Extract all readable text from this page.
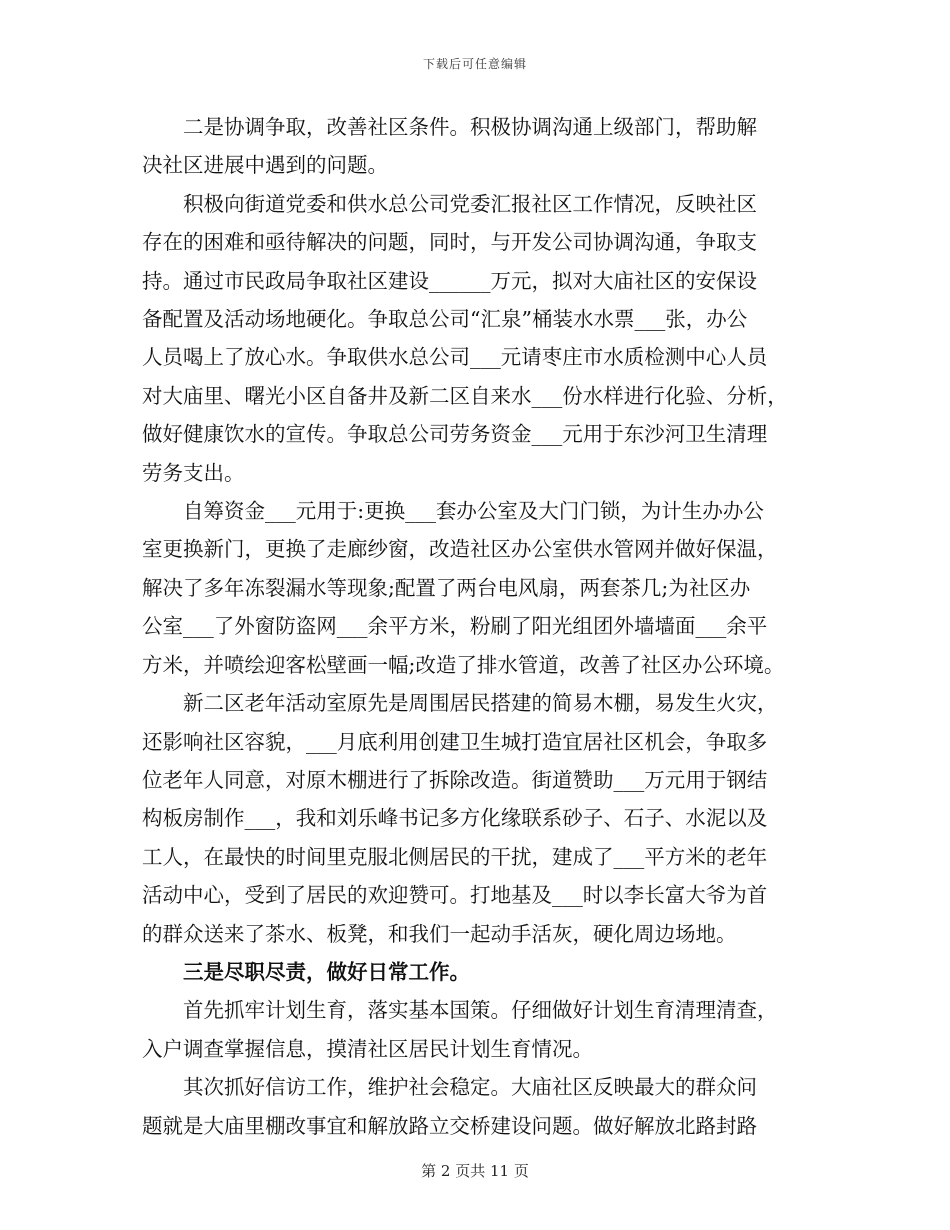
下载后可任意编辑

二是协调争取，改善社区条件。积极协调沟通上级部门，帮助解
决社区进展中遇到的问题。

积极向街道党委和供水总公司党委汇报社区工作情况，反映社区
存在的困难和亟待解决的问题，同时，与开发公司协调沟通，争取支
持。通过市民政局争取社区建设______万元，拟对大庙社区的安保设
备配置及活动场地硬化。争取总公司“汇泉”桶装水水票___张，办公
人员喝上了放心水。争取供水总公司___元请枣庄市水质检测中心人员
对大庙里、曙光小区自备井及新二区自来水___份水样进行化验、分析，
做好健康饮水的宣传。争取总公司劳务资金___元用于东沙河卫生清理
劳务支出。

自筹资金___元用于:更换___套办公室及大门门锁，为计生办办公
室更换新门，更换了走廊纱窗，改造社区办公室供水管网并做好保温，
解决了多年冻裂漏水等现象;配置了两台电风扇，两套茶几;为社区办
公室___了外窗防盗网___余平方米，粉刷了阳光组团外墙墙面___余平
方米，并喷绘迎客松壁画一幅;改造了排水管道，改善了社区办公环境。

新二区老年活动室原先是周围居民搭建的简易木棚，易发生火灾，
还影响社区容貌，___月底利用创建卫生城打造宜居社区机会，争取多
位老年人同意，对原木棚进行了拆除改造。街道赞助___万元用于钢结
构板房制作___，我和刘乐峰书记多方化缘联系砂子、石子、水泥以及
工人，在最快的时间里克服北侧居民的干扰，建成了___平方米的老年
活动中心，受到了居民的欢迎赞可。打地基及___时以李长富大爷为首
的群众送来了茶水、板凳，和我们一起动手活灰，硬化周边场地。

三是尽职尽责，做好日常工作。

首先抓牢计划生育，落实基本国策。仔细做好计划生育清理清查，
入户调查掌握信息，摸清社区居民计划生育情况。

其次抓好信访工作，维护社会稳定。大庙社区反映最大的群众问
题就是大庙里棚改事宜和解放路立交桥建设问题。做好解放北路封路

第 2 页共 11 页
